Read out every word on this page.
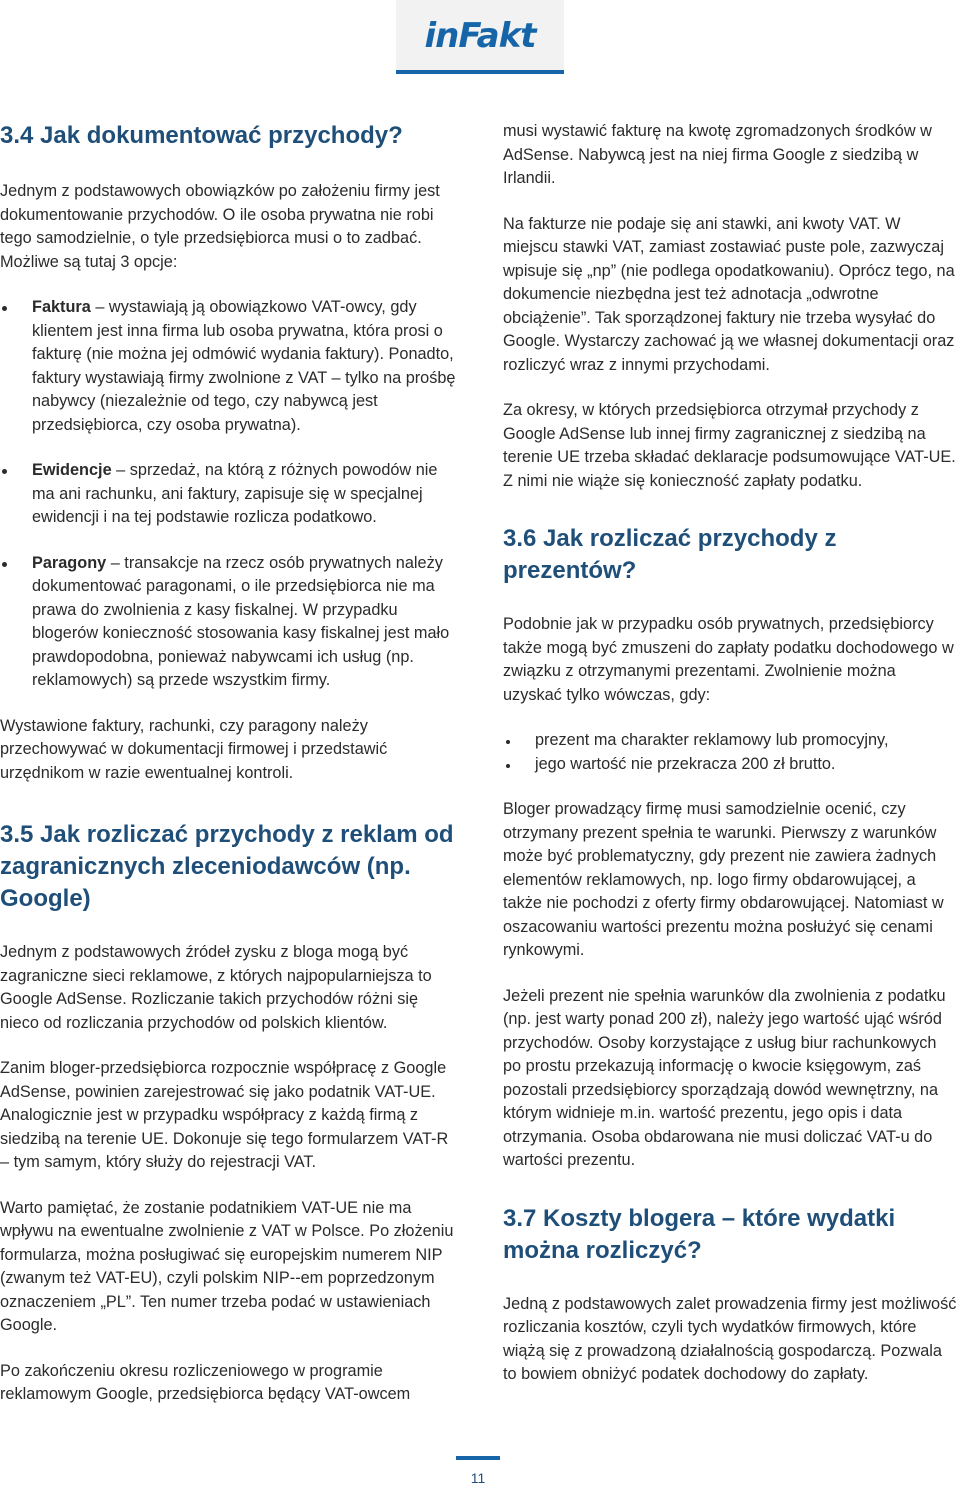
inFakt
3.4 Jak dokumentować przychody?

Jednym z podstawowych obowiązków po założeniu firmy jest dokumentowanie przychodów. O ile osoba prywatna nie robi tego samodzielnie, o tyle przedsiębiorca musi o to zadbać. Możliwe są tutaj 3 opcje:

Faktura – wystawiają ją obowiązkowo VAT-owcy, gdy klientem jest inna firma lub osoba prywatna, która prosi o fakturę (nie można jej odmówić wydania faktury). Ponadto, faktury wystawiają firmy zwolnione z VAT – tylko na prośbę nabywcy (niezależnie od tego, czy nabywcą jest przedsiębiorca, czy osoba prywatna).
Ewidencje – sprzedaż, na którą z różnych powodów nie ma ani rachunku, ani faktury, zapisuje się w specjalnej ewidencji i na tej podstawie rozlicza podatkowo.
Paragony – transakcje na rzecz osób prywatnych należy dokumentować paragonami, o ile przedsiębiorca nie ma prawa do zwolnienia z kasy fiskalnej. W przypadku blogerów konieczność stosowania kasy fiskalnej jest mało prawdopodobna, ponieważ nabywcami ich usług (np. reklamowych) są przede wszystkim firmy.

Wystawione faktury, rachunki, czy paragony należy przechowywać w dokumentacji firmowej i przedstawić urzędnikom w razie ewentualnej kontroli.

3.5 Jak rozliczać przychody z reklam od zagranicznych zleceniodawców (np. Google)

Jednym z podstawowych źródeł zysku z bloga mogą być zagraniczne sieci reklamowe, z których najpopularniejsza to Google AdSense. Rozliczanie takich przychodów różni się nieco od rozliczania przychodów od polskich klientów.

Zanim bloger-przedsiębiorca rozpocznie współpracę z Google AdSense, powinien zarejestrować się jako podatnik VAT-UE. Analogicznie jest w przypadku współpracy z każdą firmą z siedzibą na terenie UE. Dokonuje się tego formularzem VAT-R – tym samym, który służy do rejestracji VAT.

Warto pamiętać, że zostanie podatnikiem VAT-UE nie ma wpływu na ewentualne zwolnienie z VAT w Polsce. Po złożeniu formularza, można posługiwać się europejskim numerem NIP (zwanym też VAT-EU), czyli polskim NIP--em poprzedzonym oznaczeniem „PL”. Ten numer trzeba podać w ustawieniach Google.

Po zakończeniu okresu rozliczeniowego w programie reklamowym Google, przedsiębiorca będący VAT-owcem

musi wystawić fakturę na kwotę zgromadzonych środków w AdSense. Nabywcą jest na niej firma Google z siedzibą w Irlandii.

Na fakturze nie podaje się ani stawki, ani kwoty VAT. W miejscu stawki VAT, zamiast zostawiać puste pole, zazwyczaj wpisuje się „np” (nie podlega opodatkowaniu). Oprócz tego, na dokumencie niezbędna jest też adnotacja „odwrotne obciążenie”. Tak sporządzonej faktury nie trzeba wysyłać do Google. Wystarczy zachować ją we własnej dokumentacji oraz rozliczyć wraz z innymi przychodami.

Za okresy, w których przedsiębiorca otrzymał przychody z Google AdSense lub innej firmy zagranicznej z siedzibą na terenie UE trzeba składać deklaracje podsumowujące VAT-UE. Z nimi nie wiąże się konieczność zapłaty podatku.

3.6 Jak rozliczać przychody z prezentów?

Podobnie jak w przypadku osób prywatnych, przedsiębiorcy także mogą być zmuszeni do zapłaty podatku dochodowego w związku z otrzymanymi prezentami. Zwolnienie można uzyskać tylko wówczas, gdy:

prezent ma charakter reklamowy lub promocyjny,
jego wartość nie przekracza 200 zł brutto.

Bloger prowadzący firmę musi samodzielnie ocenić, czy otrzymany prezent spełnia te warunki. Pierwszy z warunków może być problematyczny, gdy prezent nie zawiera żadnych elementów reklamowych, np. logo firmy obdarowującej, a także nie pochodzi z oferty firmy obdarowującej. Natomiast w oszacowaniu wartości prezentu można posłużyć się cenami rynkowymi.

Jeżeli prezent nie spełnia warunków dla zwolnienia z podatku (np. jest warty ponad 200 zł), należy jego wartość ująć wśród przychodów. Osoby korzystające z usług biur rachunkowych po prostu przekazują informację o kwocie księgowym, zaś pozostali przedsiębiorcy sporządzają dowód wewnętrzny, na którym widnieje m.in. wartość prezentu, jego opis i data otrzymania. Osoba obdarowana nie musi doliczać VAT-u do wartości prezentu.

3.7 Koszty blogera – które wydatki można rozliczyć?

Jedną z podstawowych zalet prowadzenia firmy jest możliwość rozliczania kosztów, czyli tych wydatków firmowych, które wiążą się z prowadzoną działalnością gospodarczą. Pozwala to bowiem obniżyć podatek dochodowy do zapłaty.

11
